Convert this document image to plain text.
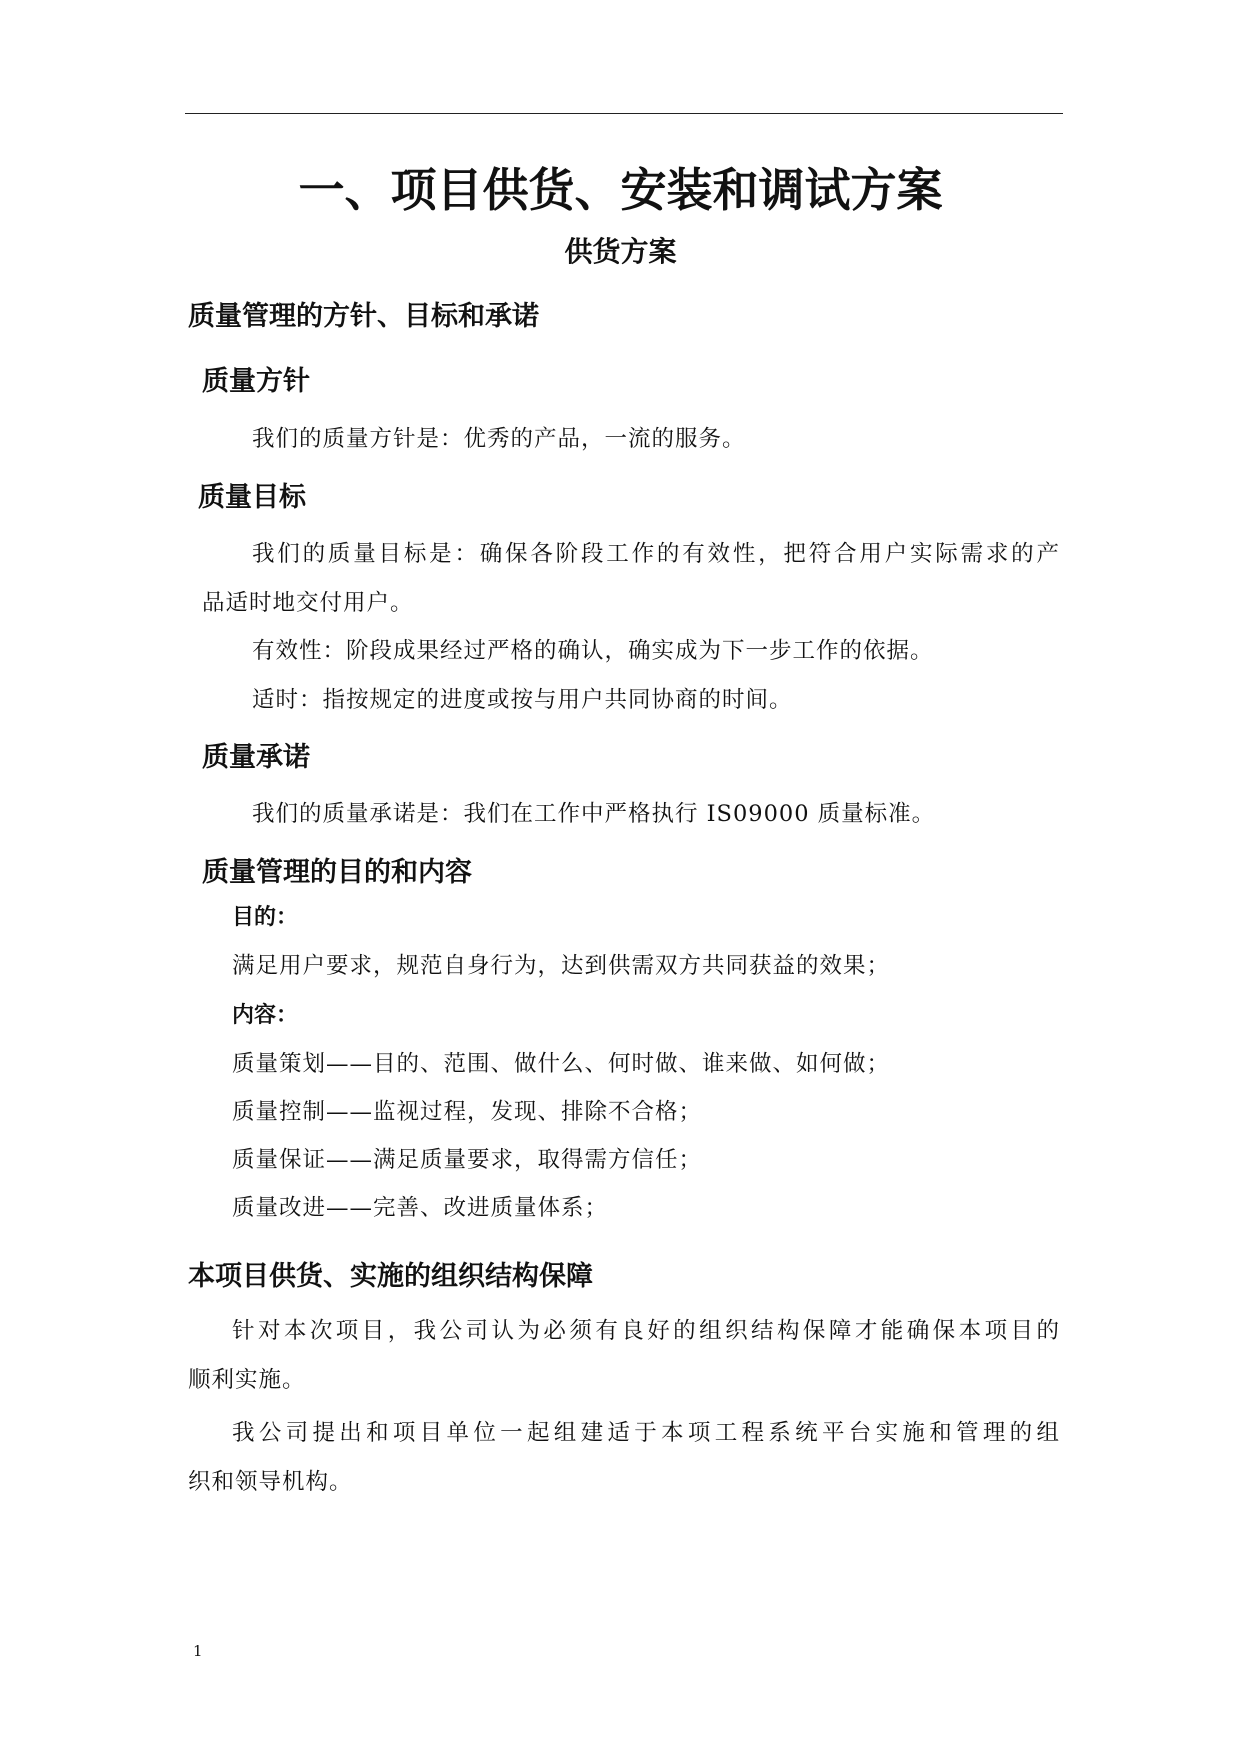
一、项目供货、安装和调试方案
供货方案
质量管理的方针、目标和承诺
质量方针
我们的质量方针是：优秀的产品，一流的服务。
质量目标
我们的质量目标是：确保各阶段工作的有效性，把符合用户实际需求的产
品适时地交付用户。
有效性：阶段成果经过严格的确认，确实成为下一步工作的依据。
适时：指按规定的进度或按与用户共同协商的时间。
质量承诺
我们的质量承诺是：我们在工作中严格执行 IS09000 质量标准。
质量管理的目的和内容
目的：
满足用户要求，规范自身行为，达到供需双方共同获益的效果；
内容：
质量策划——目的、范围、做什么、何时做、谁来做、如何做；
质量控制——监视过程，发现、排除不合格；
质量保证——满足质量要求，取得需方信任；
质量改进——完善、改进质量体系；
本项目供货、实施的组织结构保障
针对本次项目，我公司认为必须有良好的组织结构保障才能确保本项目的
顺利实施。
我公司提出和项目单位一起组建适于本项工程系统平台实施和管理的组
织和领导机构。
1
